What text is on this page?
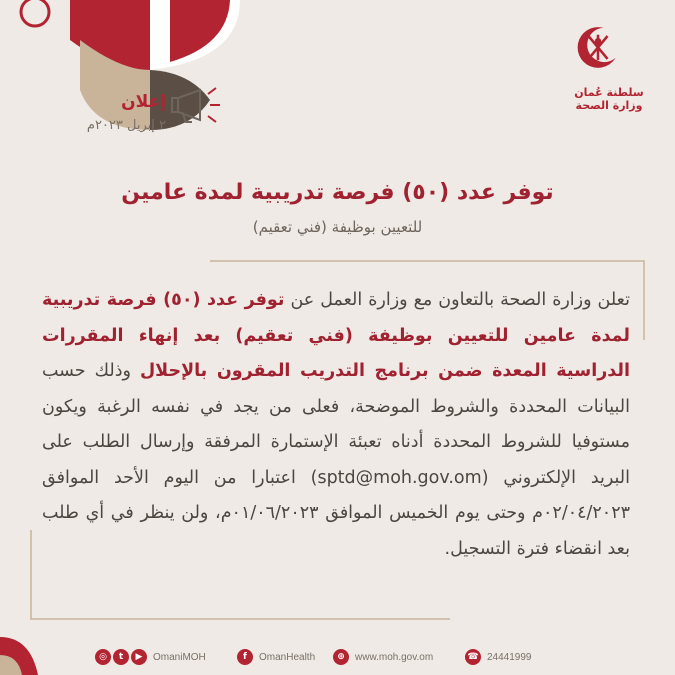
سلطنة عُمان
وزارة الصحة
إعلان
٢ إبريل ٢٠٢٣م
توفر عدد (٥٠) فرصة تدريبية لمدة عامين
للتعيين بوظيفة (فني تعقيم)
تعلن وزارة الصحة بالتعاون مع وزارة العمل عن توفر عدد (٥٠) فرصة تدريبية لمدة عامين للتعيين بوظيفة (فني تعقيم) بعد إنهاء المقررات الدراسية المعدة ضمن برنامج التدريب المقرون بالإحلال وذلك حسب البيانات المحددة والشروط الموضحة، فعلى من يجد في نفسه الرغبة ويكون مستوفيا للشروط المحددة أدناه تعبئة الإستمارة المرفقة وإرسال الطلب على البريد الإلكتروني (sptd@moh.gov.om) اعتبارا من اليوم الأحد الموافق ٠٢/٠٤/٢٠٢٣م وحتى يوم الخميس الموافق ٠١/٠٦/٢٠٢٣م، ولن ينظر في أي طلب بعد انقضاء فترة التسجيل.
◎	t	▶	OmaniMOH	f	OmanHealth	⊕	www.moh.gov.om	☎ 24441999
